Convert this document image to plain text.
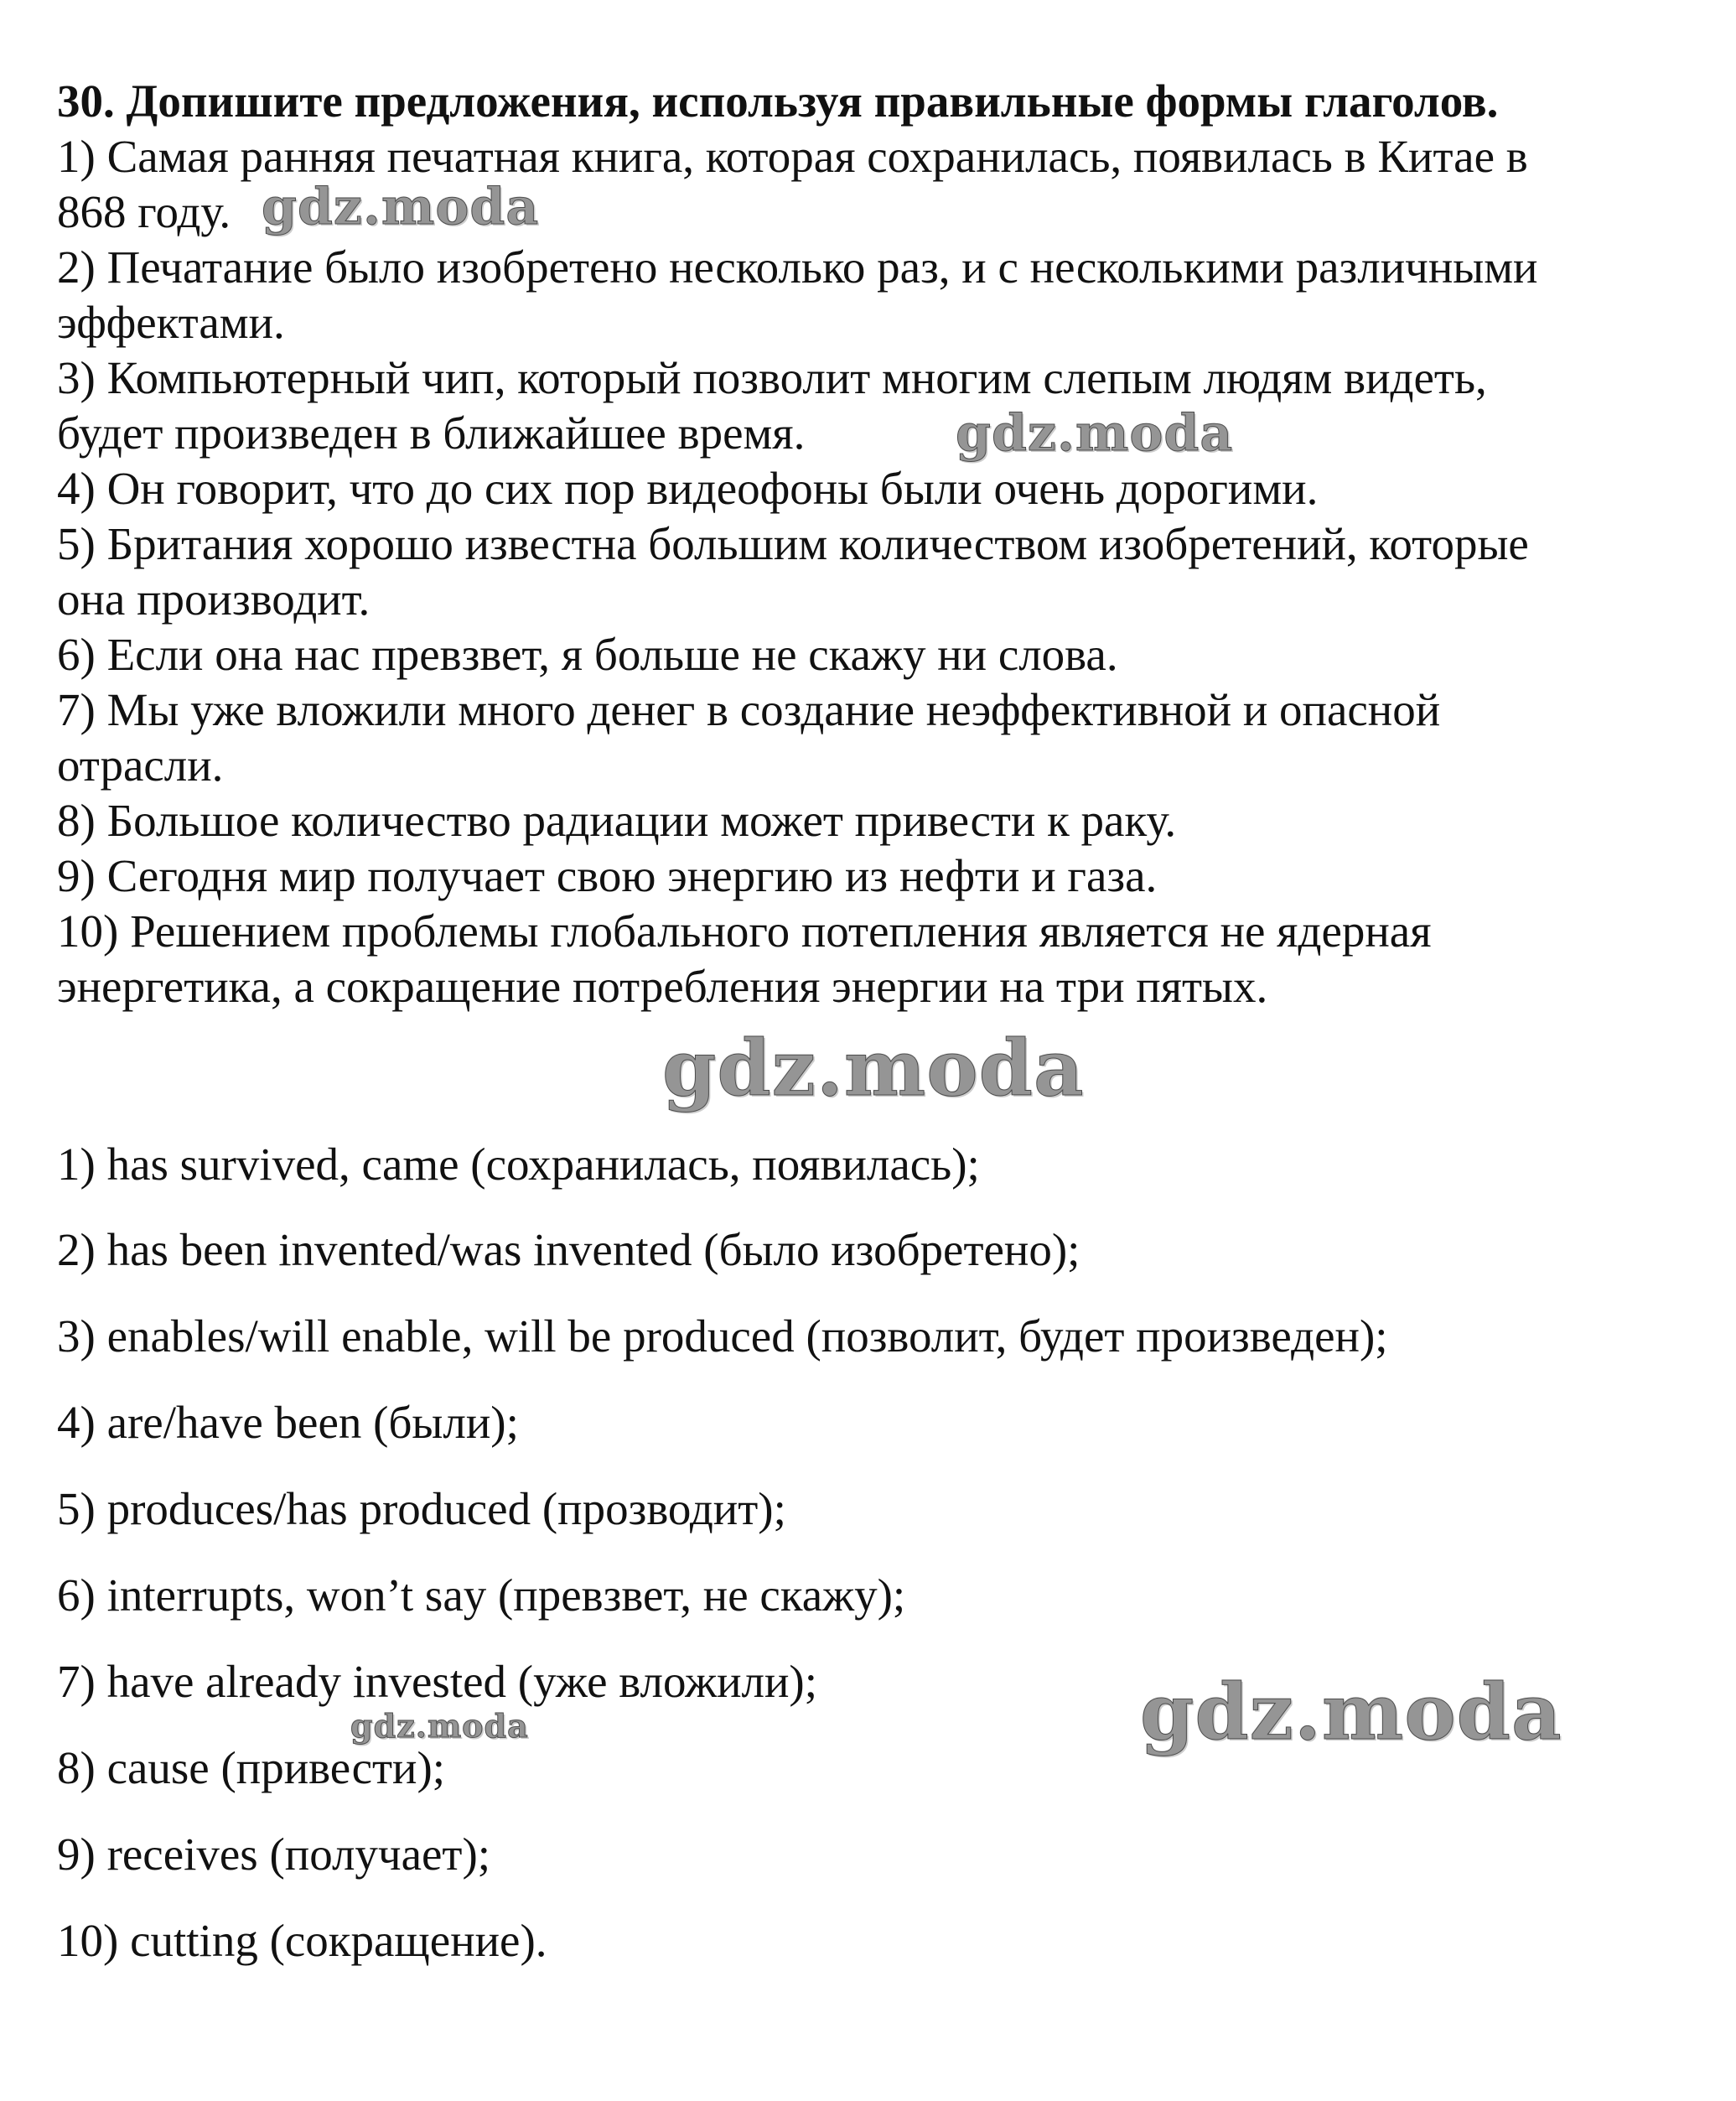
30. Допишите предложения, используя правильные формы глаголов.
1) Самая ранняя печатная книга, которая сохранилась, появилась в Китае в
868 году.
2) Печатание было изобретено несколько раз, и с несколькими различными
эффектами.
3) Компьютерный чип, который позволит многим слепым людям видеть,
будет произведен в ближайшее время.
4) Он говорит, что до сих пор видеофоны были очень дорогими.
5) Британия хорошо известна большим количеством изобретений, которые
она производит.
6) Если она нас превзвет, я больше не скажу ни слова.
7) Мы уже вложили много денег в создание неэффективной и опасной
отрасли.
8) Большое количество радиации может привести к раку.
9) Сегодня мир получает свою энергию из нефти и газа.
10) Решением проблемы глобального потепления является не ядерная
энергетика, а сокращение потребления энергии на три пятых.
1) has survived, came (сохранилась, появилась);
2) has been invented/was invented (было изобретено);
3) enables/will enable, will be produced (позволит, будет произведен);
4) are/have been (были);
5) produces/has produced (прозводит);
6) interrupts, won’t say (превзвет, не скажу);
7) have already invested (уже вложили);
8) cause (привести);
9) receives (получает);
10) cutting (сокращение).
gdz.moda
gdz.moda
gdz.moda
gdz.moda	gdz.moda
